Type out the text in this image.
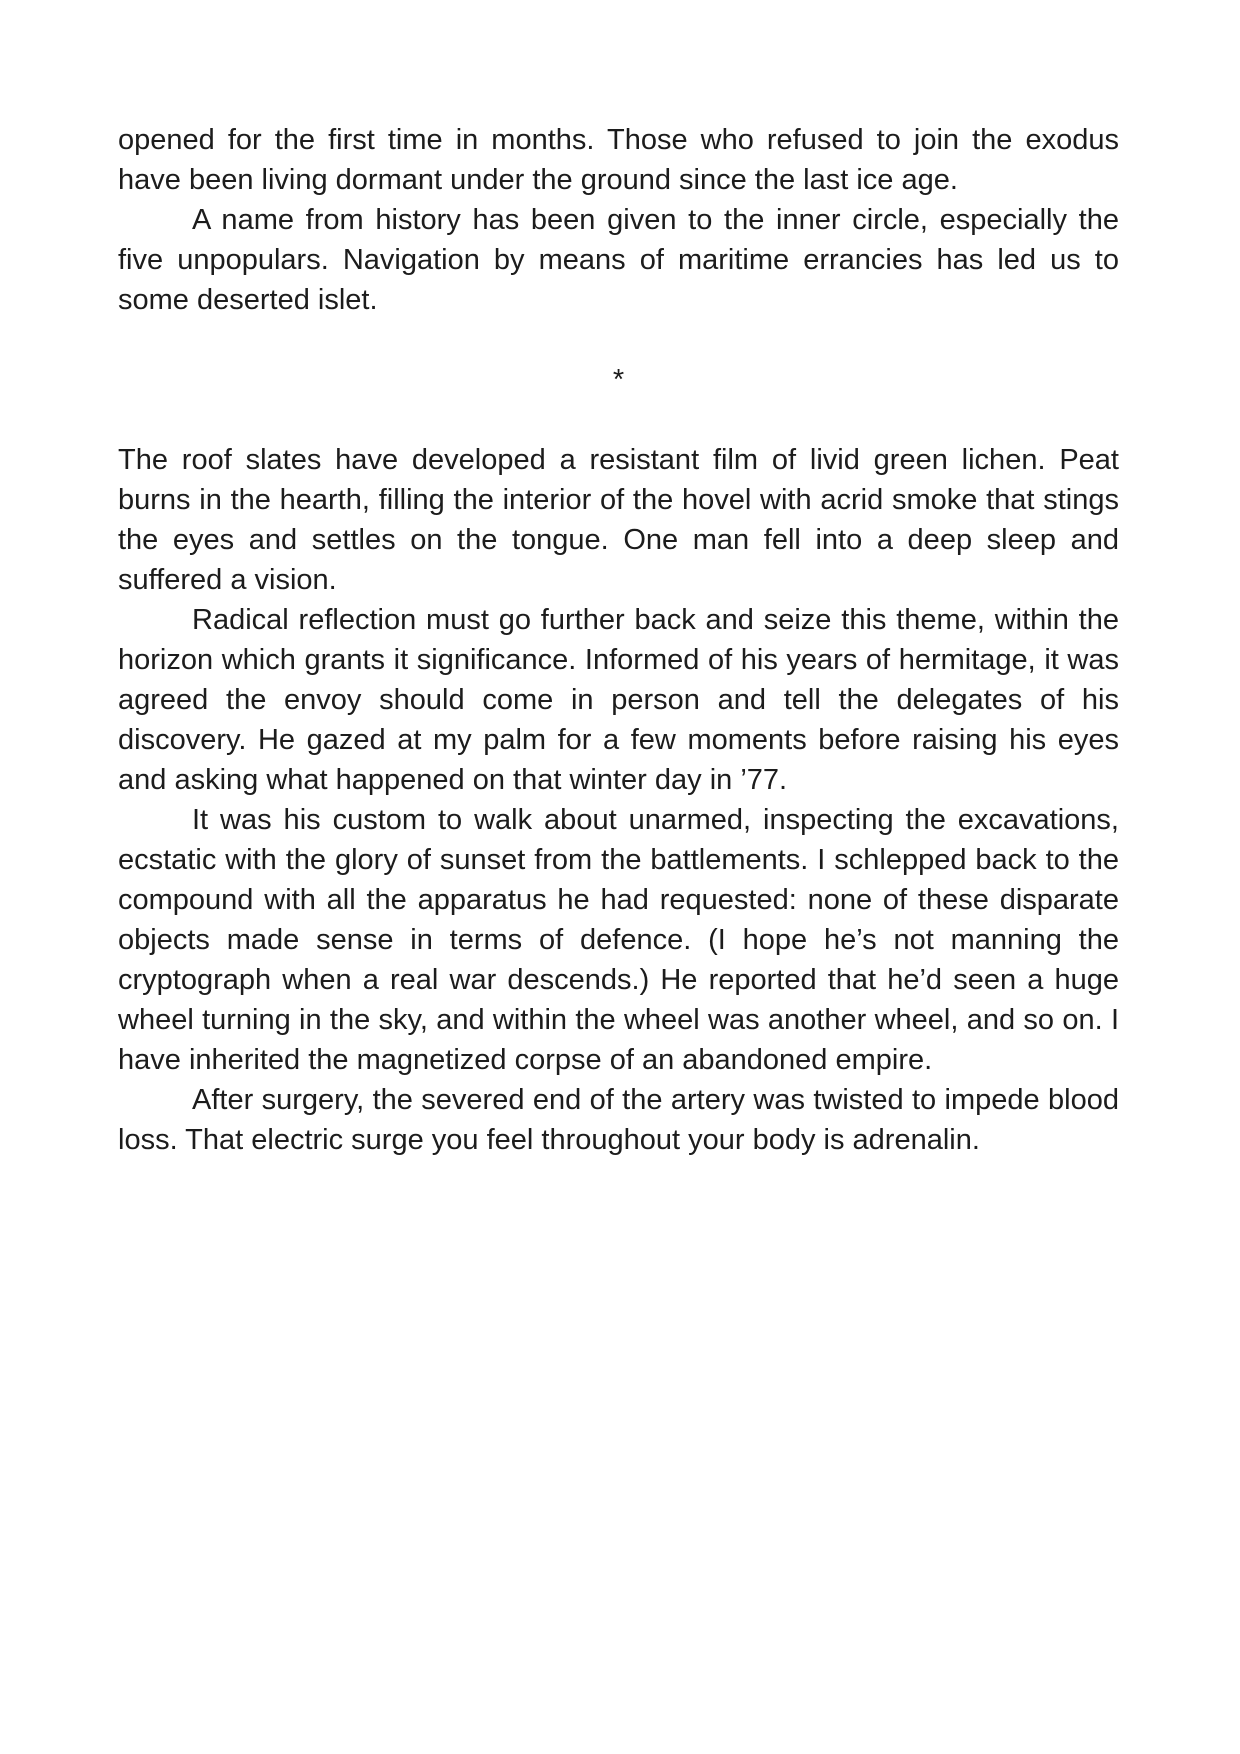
opened for the first time in months. Those who refused to join the exodus have been living dormant under the ground since the last ice age.

A name from history has been given to the inner circle, especially the five unpopulars. Navigation by means of maritime errancies has led us to some deserted islet.

*

The roof slates have developed a resistant film of livid green lichen. Peat burns in the hearth, filling the interior of the hovel with acrid smoke that stings the eyes and settles on the tongue. One man fell into a deep sleep and suffered a vision.

Radical reflection must go further back and seize this theme, within the horizon which grants it significance. Informed of his years of hermitage, it was agreed the envoy should come in person and tell the delegates of his discovery. He gazed at my palm for a few moments before raising his eyes and asking what happened on that winter day in ’77.

It was his custom to walk about unarmed, inspecting the excavations, ecstatic with the glory of sunset from the battlements. I schlepped back to the compound with all the apparatus he had requested: none of these disparate objects made sense in terms of defence. (I hope he’s not manning the cryptograph when a real war descends.) He reported that he’d seen a huge wheel turning in the sky, and within the wheel was another wheel, and so on. I have inherited the magnetized corpse of an abandoned empire.

After surgery, the severed end of the artery was twisted to impede blood loss. That electric surge you feel throughout your body is adrenalin.
